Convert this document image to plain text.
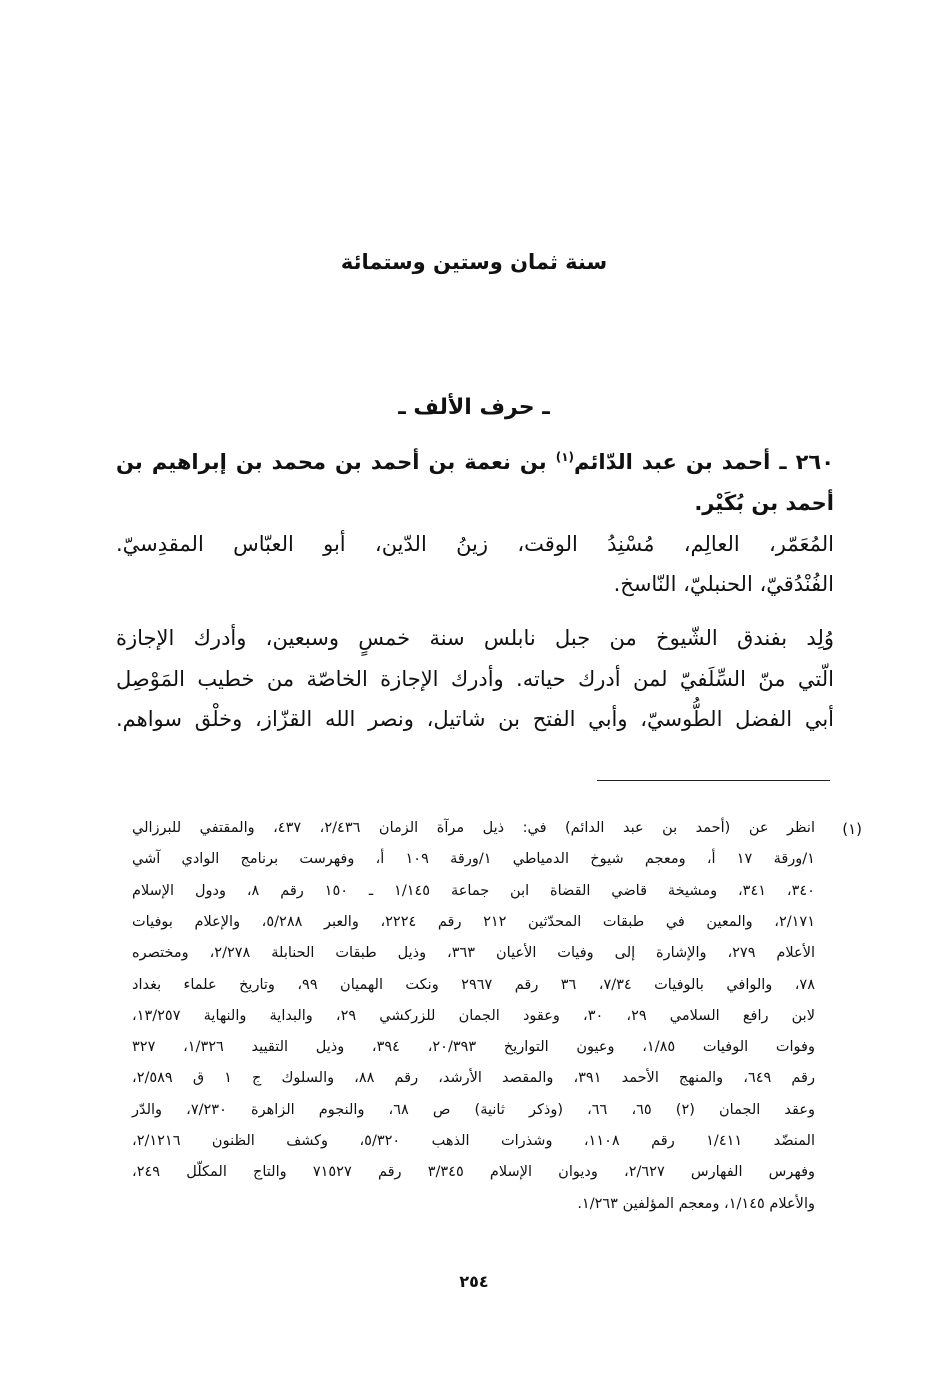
سنة ثمان وستين وستمائة
ـ حرف الألف ـ
٢٦٠ ـ أحمد بن عبد الدّائم$^{(١)}$ بن نعمة بن أحمد بن محمد بن إبراهيم بن
أحمد بن بُكَيْر.
المُعَمّر، العالِم، مُسْنِدُ الوقت، زينُ الدّين، أبو العبّاس المقدِسيّ.
الفُنْدُقيّ، الحنبليّ، النّاسخ.
وُلِد بفندق الشّيوخ من جبل نابلس سنة خمسٍ وسبعين، وأدرك الإجازة
الّتي منّ السِّلَفيّ لمن أدرك حياته. وأدرك الإجازة الخاصّة من خطيب المَوْصِل
أبي الفضل الطُّوسيّ، وأبي الفتح بن شاتيل، ونصر الله القزّاز، وخلْق سواهم.
(١)
انظر عن (أحمد بن عبد الدائم) في: ذيل مرآة الزمان ٢/٤٣٦، ٤٣٧، والمقتفي للبرزالي
١/ورقة ١٧ أ، ومعجم شيوخ الدمياطي ١/ورقة ١٠٩ أ، وفهرست برنامج الوادي آشي
٣٤٠، ٣٤١، ومشيخة قاضي القضاة ابن جماعة ١/١٤٥ ـ ١٥٠ رقم ٨، ودول الإسلام
٢/١٧١، والمعين في طبقات المحدّثين ٢١٢ رقم ٢٢٢٤، والعبر ٥/٢٨٨، والإعلام بوفيات
الأعلام ٢٧٩، والإشارة إلى وفيات الأعيان ٣٦٣، وذيل طبقات الحنابلة ٢/٢٧٨، ومختصره
٧٨، والوافي بالوفيات ٧/٣٤، ٣٦ رقم ٢٩٦٧ ونكت الهميان ٩٩، وتاريخ علماء بغداد
لابن رافع السلامي ٢٩، ٣٠، وعقود الجمان للزركشي ٢٩، والبداية والنهاية ١٣/٢٥٧،
وفوات الوفيات ١/٨٥، وعيون التواريخ ٢٠/٣٩٣، ٣٩٤، وذيل التقييد ١/٣٢٦، ٣٢٧
رقم ٦٤٩، والمنهج الأحمد ٣٩١، والمقصد الأرشد، رقم ٨٨، والسلوك ج ١ ق ٢/٥٨٩،
وعقد الجمان (٢) ٦٥، ٦٦، (وذكر ثانية) ص ٦٨، والنجوم الزاهرة ٧/٢٣٠، والدّر
المنضّد ١/٤١١ رقم ١١٠٨، وشذرات الذهب ٥/٣٢٠، وكشف الظنون ٢/١٢١٦،
وفهرس الفهارس ٢/٦٢٧، وديوان الإسلام ٣/٣٤٥ رقم ٧١٥٢٧ والتاج المكلّل ٢٤٩،
والأعلام ١/١٤٥، ومعجم المؤلفين ١/٢٦٣.
٢٥٤
